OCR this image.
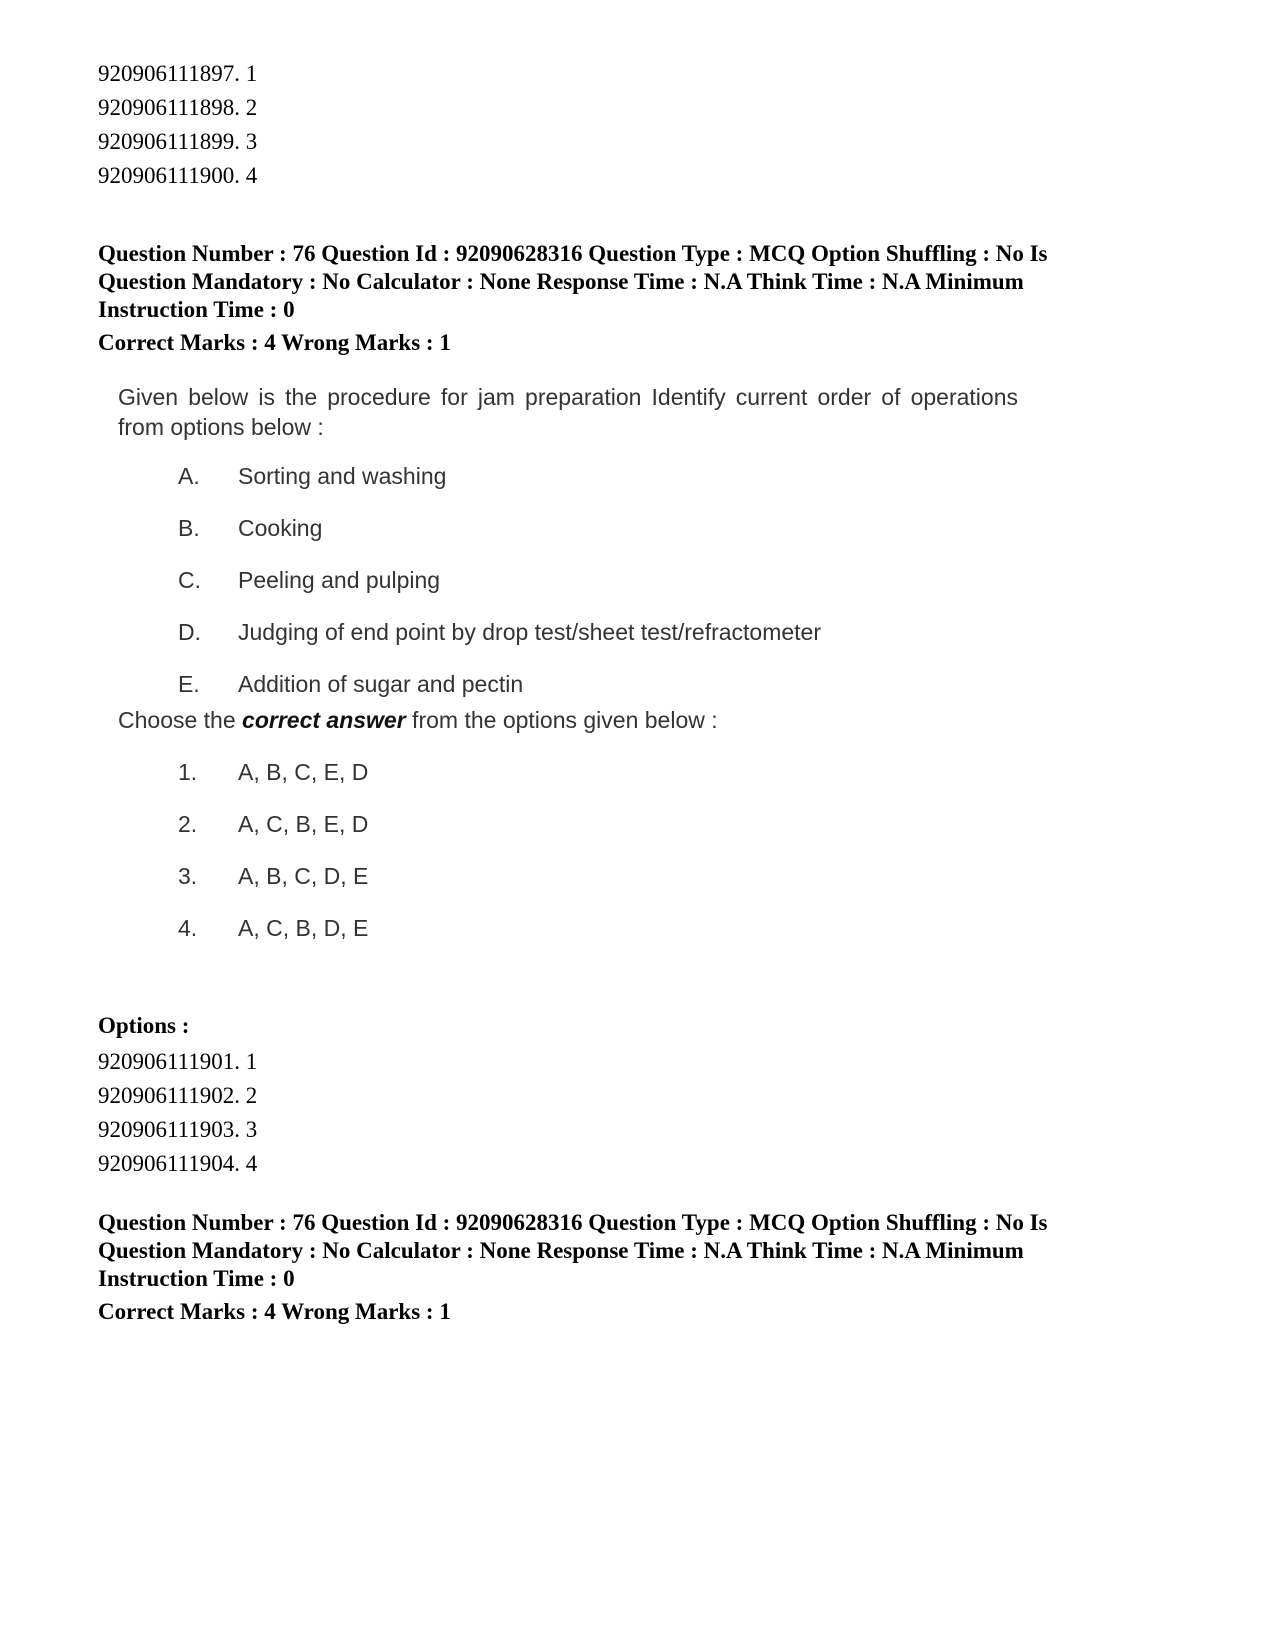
920906111897. 1
920906111898. 2
920906111899. 3
920906111900. 4

Question Number : 76 Question Id : 92090628316 Question Type : MCQ Option Shuffling : No Is
Question Mandatory : No Calculator : None Response Time : N.A Think Time : N.A Minimum
Instruction Time : 0

Correct Marks : 4 Wrong Marks : 1

Given below is the procedure for jam preparation Identify current order of operations from options below :

A. Sorting and washing
B. Cooking
C. Peeling and pulping
D. Judging of end point by drop test/sheet test/refractometer
E. Addition of sugar and pectin
Choose the correct answer from the options given below :
1. A, B, C, E, D
2. A, C, B, E, D
3. A, B, C, D, E
4. A, C, B, D, E

Options :

920906111901. 1
920906111902. 2
920906111903. 3
920906111904. 4

Question Number : 76 Question Id : 92090628316 Question Type : MCQ Option Shuffling : No Is
Question Mandatory : No Calculator : None Response Time : N.A Think Time : N.A Minimum
Instruction Time : 0

Correct Marks : 4 Wrong Marks : 1
